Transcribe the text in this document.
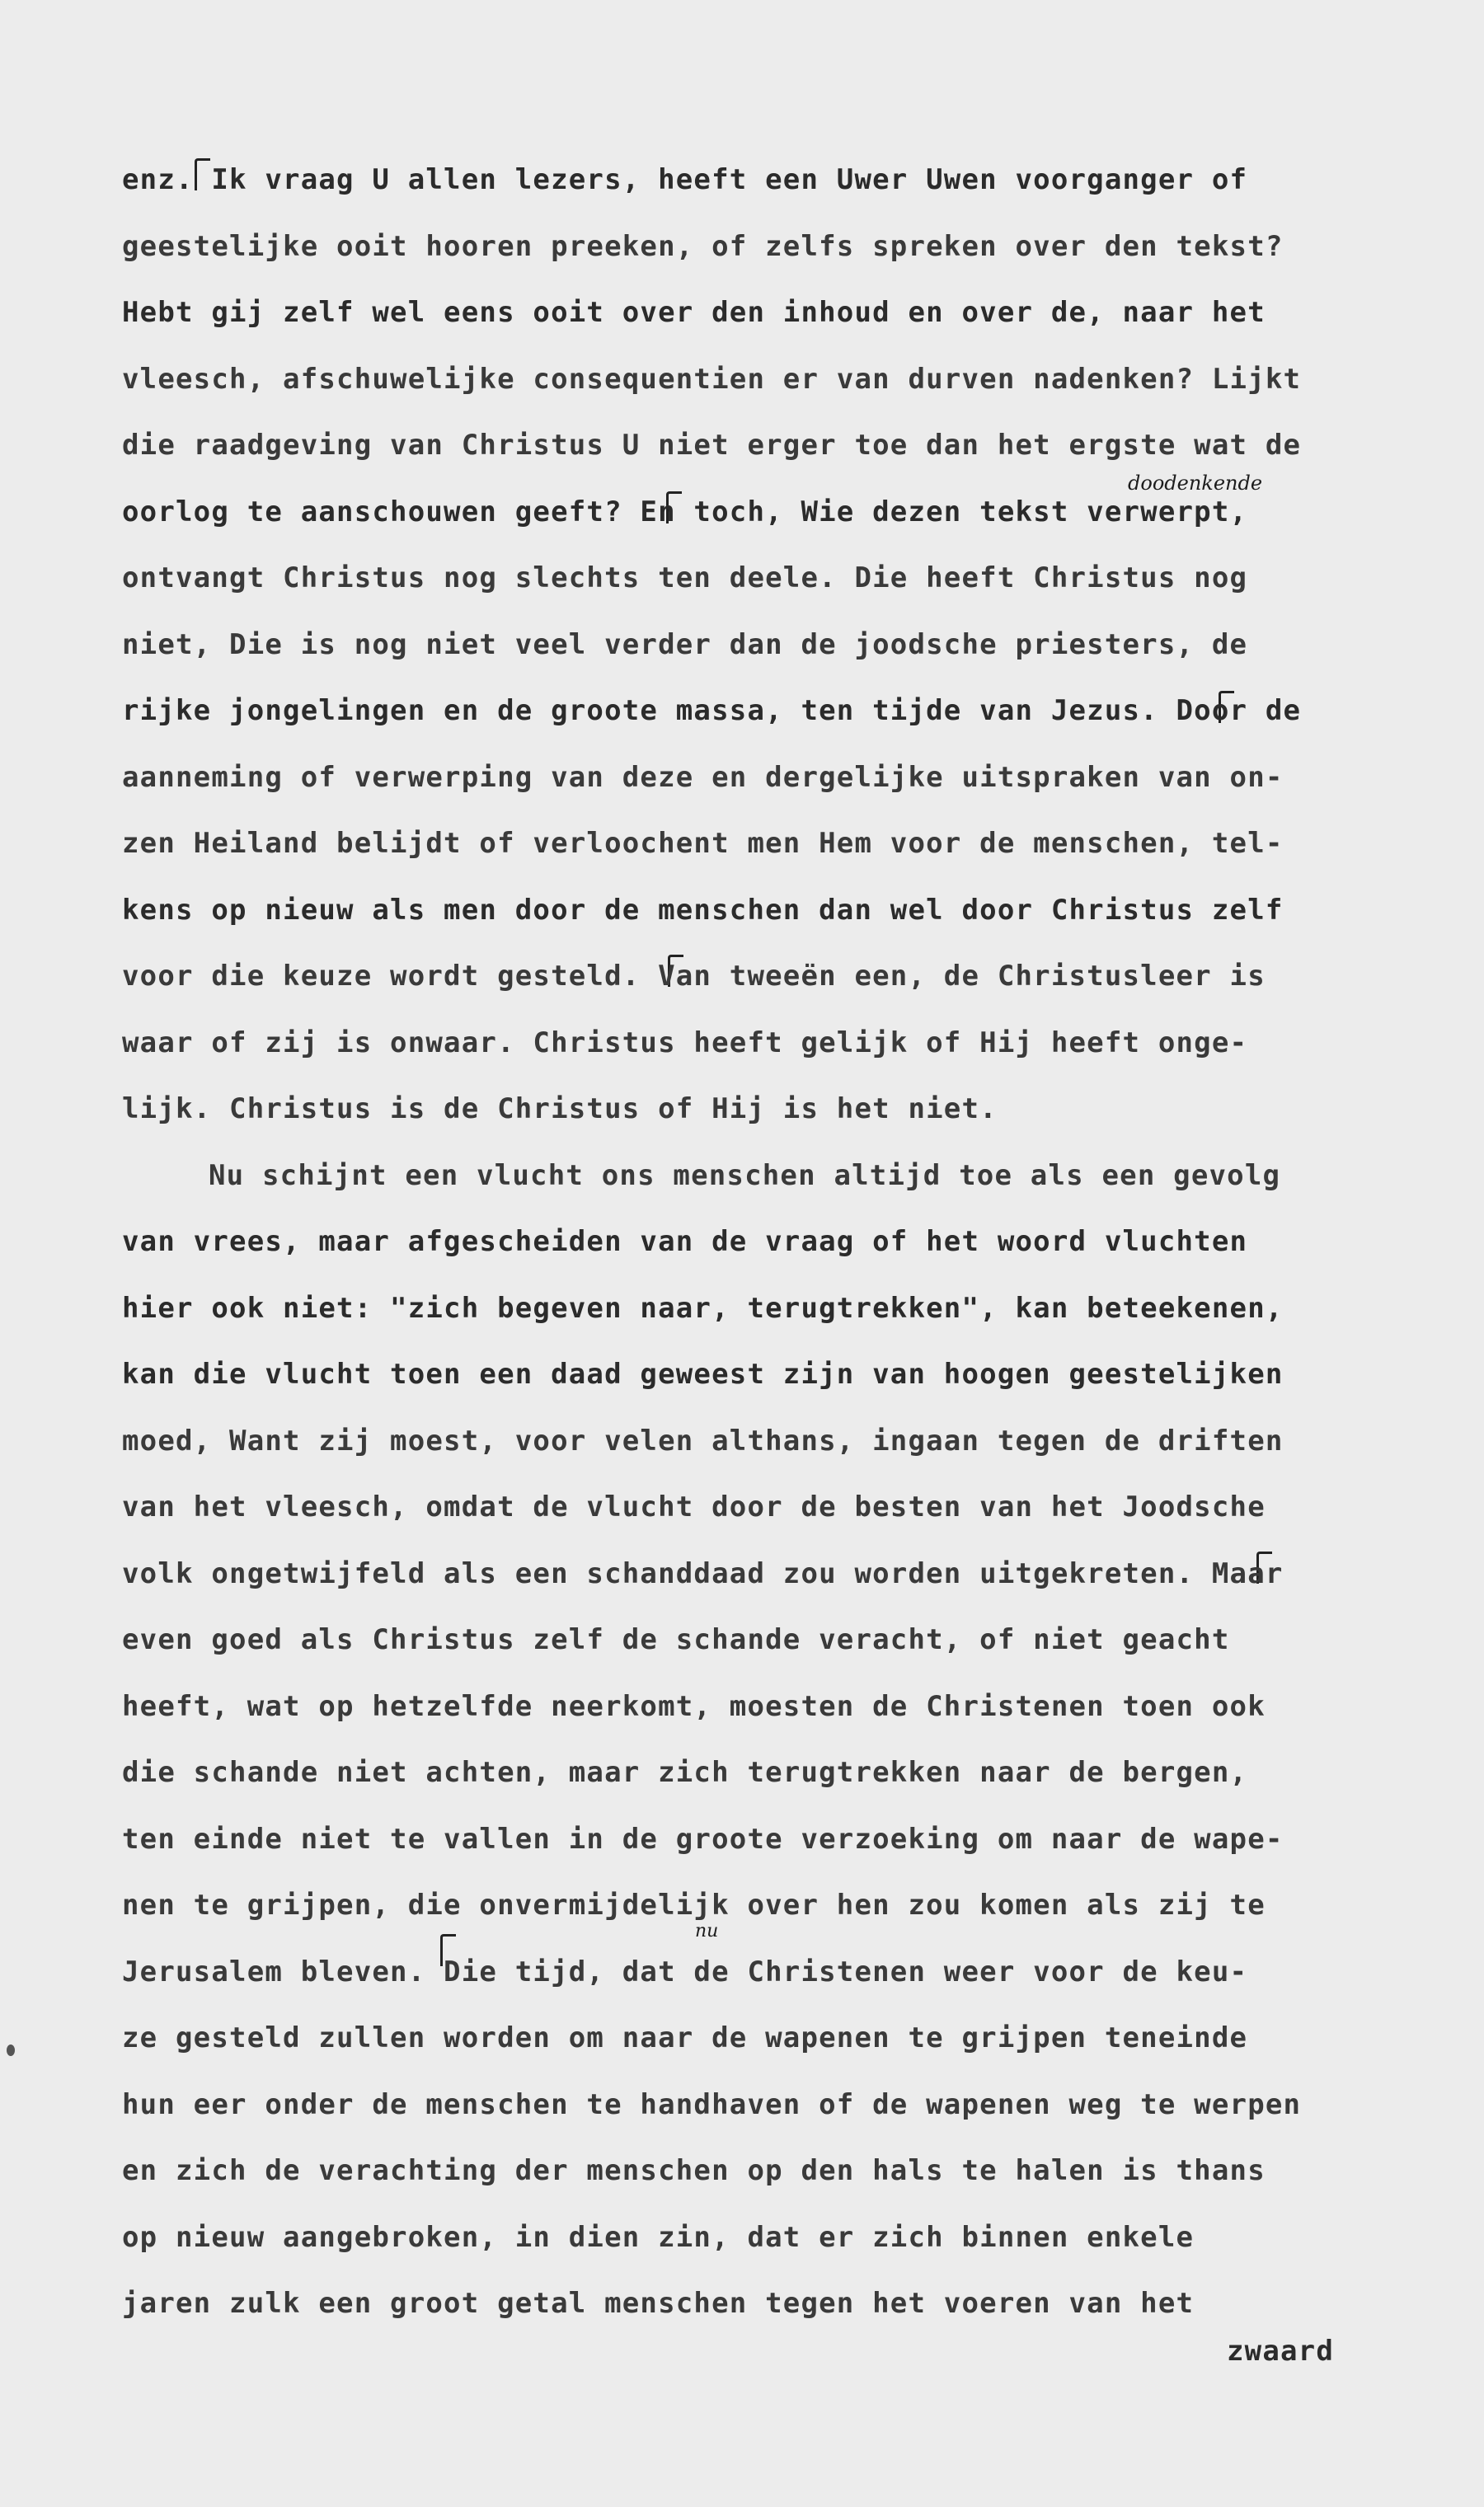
doodenkende
nu
enz. Ik vraag U allen lezers, heeft een Uwer Uwen voorganger of
geestelijke ooit hooren preeken, of zelfs spreken over den tekst?
Hebt gij zelf wel eens ooit over den inhoud en over de, naar het
vleesch, afschuwelijke consequentien er van durven nadenken? Lijkt
die raadgeving van Christus U niet erger toe dan het ergste wat de
oorlog te aanschouwen geeft? En toch, Wie dezen tekst verwerpt,
ontvangt Christus nog slechts ten deele. Die heeft Christus nog
niet, Die is nog niet veel verder dan de joodsche priesters, de
rijke jongelingen en de groote massa, ten tijde van Jezus. Door de
aanneming of verwerping van deze en dergelijke uitspraken van on-
zen Heiland belijdt of verloochent men Hem voor de menschen, tel-
kens op nieuw als men door de menschen dan wel door Christus zelf
voor die keuze wordt gesteld. Van tweeën een, de Christusleer is
waar of zij is onwaar. Christus heeft gelijk of Hij heeft onge-
lijk. Christus is de Christus of Hij is het niet.
Nu schijnt een vlucht ons menschen altijd toe als een gevolg
van vrees, maar afgescheiden van de vraag of het woord vluchten
hier ook niet: "zich begeven naar, terugtrekken", kan beteekenen,
kan die vlucht toen een daad geweest zijn van hoogen geestelijken
moed, Want zij moest, voor velen althans, ingaan tegen de driften
van het vleesch, omdat de vlucht door de besten van het Joodsche
volk ongetwijfeld als een schanddaad zou worden uitgekreten. Maar
even goed als Christus zelf de schande veracht, of niet geacht
heeft, wat op hetzelfde neerkomt, moesten de Christenen toen ook
die schande niet achten, maar zich terugtrekken naar de bergen,
ten einde niet te vallen in de groote verzoeking om naar de wape-
nen te grijpen, die onvermijdelijk over hen zou komen als zij te
Jerusalem bleven. Die tijd, dat de Christenen weer voor de keu-
ze gesteld zullen worden om naar de wapenen te grijpen teneinde
hun eer onder de menschen te handhaven of de wapenen weg te werpen
en zich de verachting der menschen op den hals te halen is thans
op nieuw aangebroken, in dien zin, dat er zich binnen enkele
jaren zulk een groot getal menschen tegen het voeren van het
zwaard
